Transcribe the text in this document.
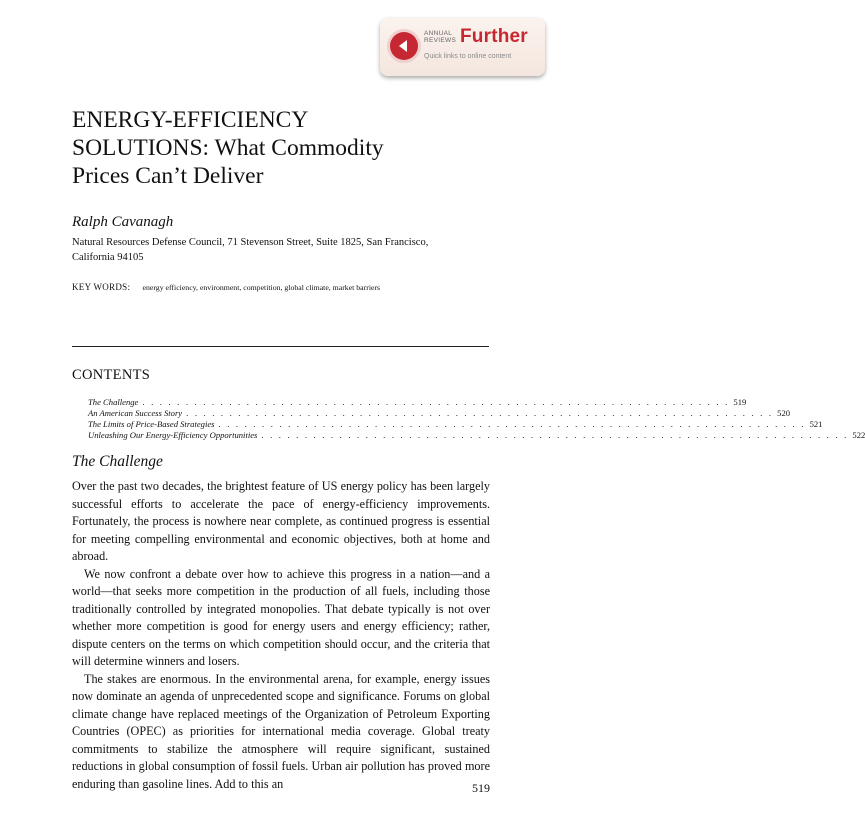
ANNUAL
REVIEWS Further
Quick links to online content
ENERGY-EFFICIENCY
SOLUTIONS: What Commodity
Prices Can’t Deliver
Ralph Cavanagh
Natural Resources Defense Council, 71 Stevenson Street, Suite 1825, San Francisco, California 94105
KEY WORDS: energy efficiency, environment, competition, global climate, market barriers
CONTENTS
The Challenge . . . . . . . . . . . . . . . . . . . . . . . . . . . . . . . . . . . . . . . . . . . . . . . . . . . . . . . . . . . . . . . . . . . . 519
An American Success Story . . . . . . . . . . . . . . . . . . . . . . . . . . . . . . . . . . . . . . . . . . . . . . . . . . . . . . . . . . . . . . . . . . . . 520
The Limits of Price-Based Strategies . . . . . . . . . . . . . . . . . . . . . . . . . . . . . . . . . . . . . . . . . . . . . . . . . . . . . . . . . . . . . . . . . . . . 521
Unleashing Our Energy-Efficiency Opportunities . . . . . . . . . . . . . . . . . . . . . . . . . . . . . . . . . . . . . . . . . . . . . . . . . . . . . . . . . . . . . . . . . . . . 522
The Challenge

Over the past two decades, the brightest feature of US energy policy has been largely successful efforts to accelerate the pace of energy-efficiency improvements. Fortunately, the process is nowhere near complete, as continued progress is essential for meeting compelling environmental and economic objectives, both at home and abroad.

We now confront a debate over how to achieve this progress in a nation—and a world—that seeks more competition in the production of all fuels, including those traditionally controlled by integrated monopolies. That debate typically is not over whether more competition is good for energy users and energy efficiency; rather, dispute centers on the terms on which competition should occur, and the criteria that will determine winners and losers.

The stakes are enormous. In the environmental arena, for example, energy issues now dominate an agenda of unprecedented scope and significance. Forums on global climate change have replaced meetings of the Organization of Petroleum Exporting Countries (OPEC) as priorities for international media coverage. Global treaty commitments to stabilize the atmosphere will require significant, sustained reductions in global consumption of fossil fuels. Urban air pollution has proved more enduring than gasoline lines. Add to this an	519
